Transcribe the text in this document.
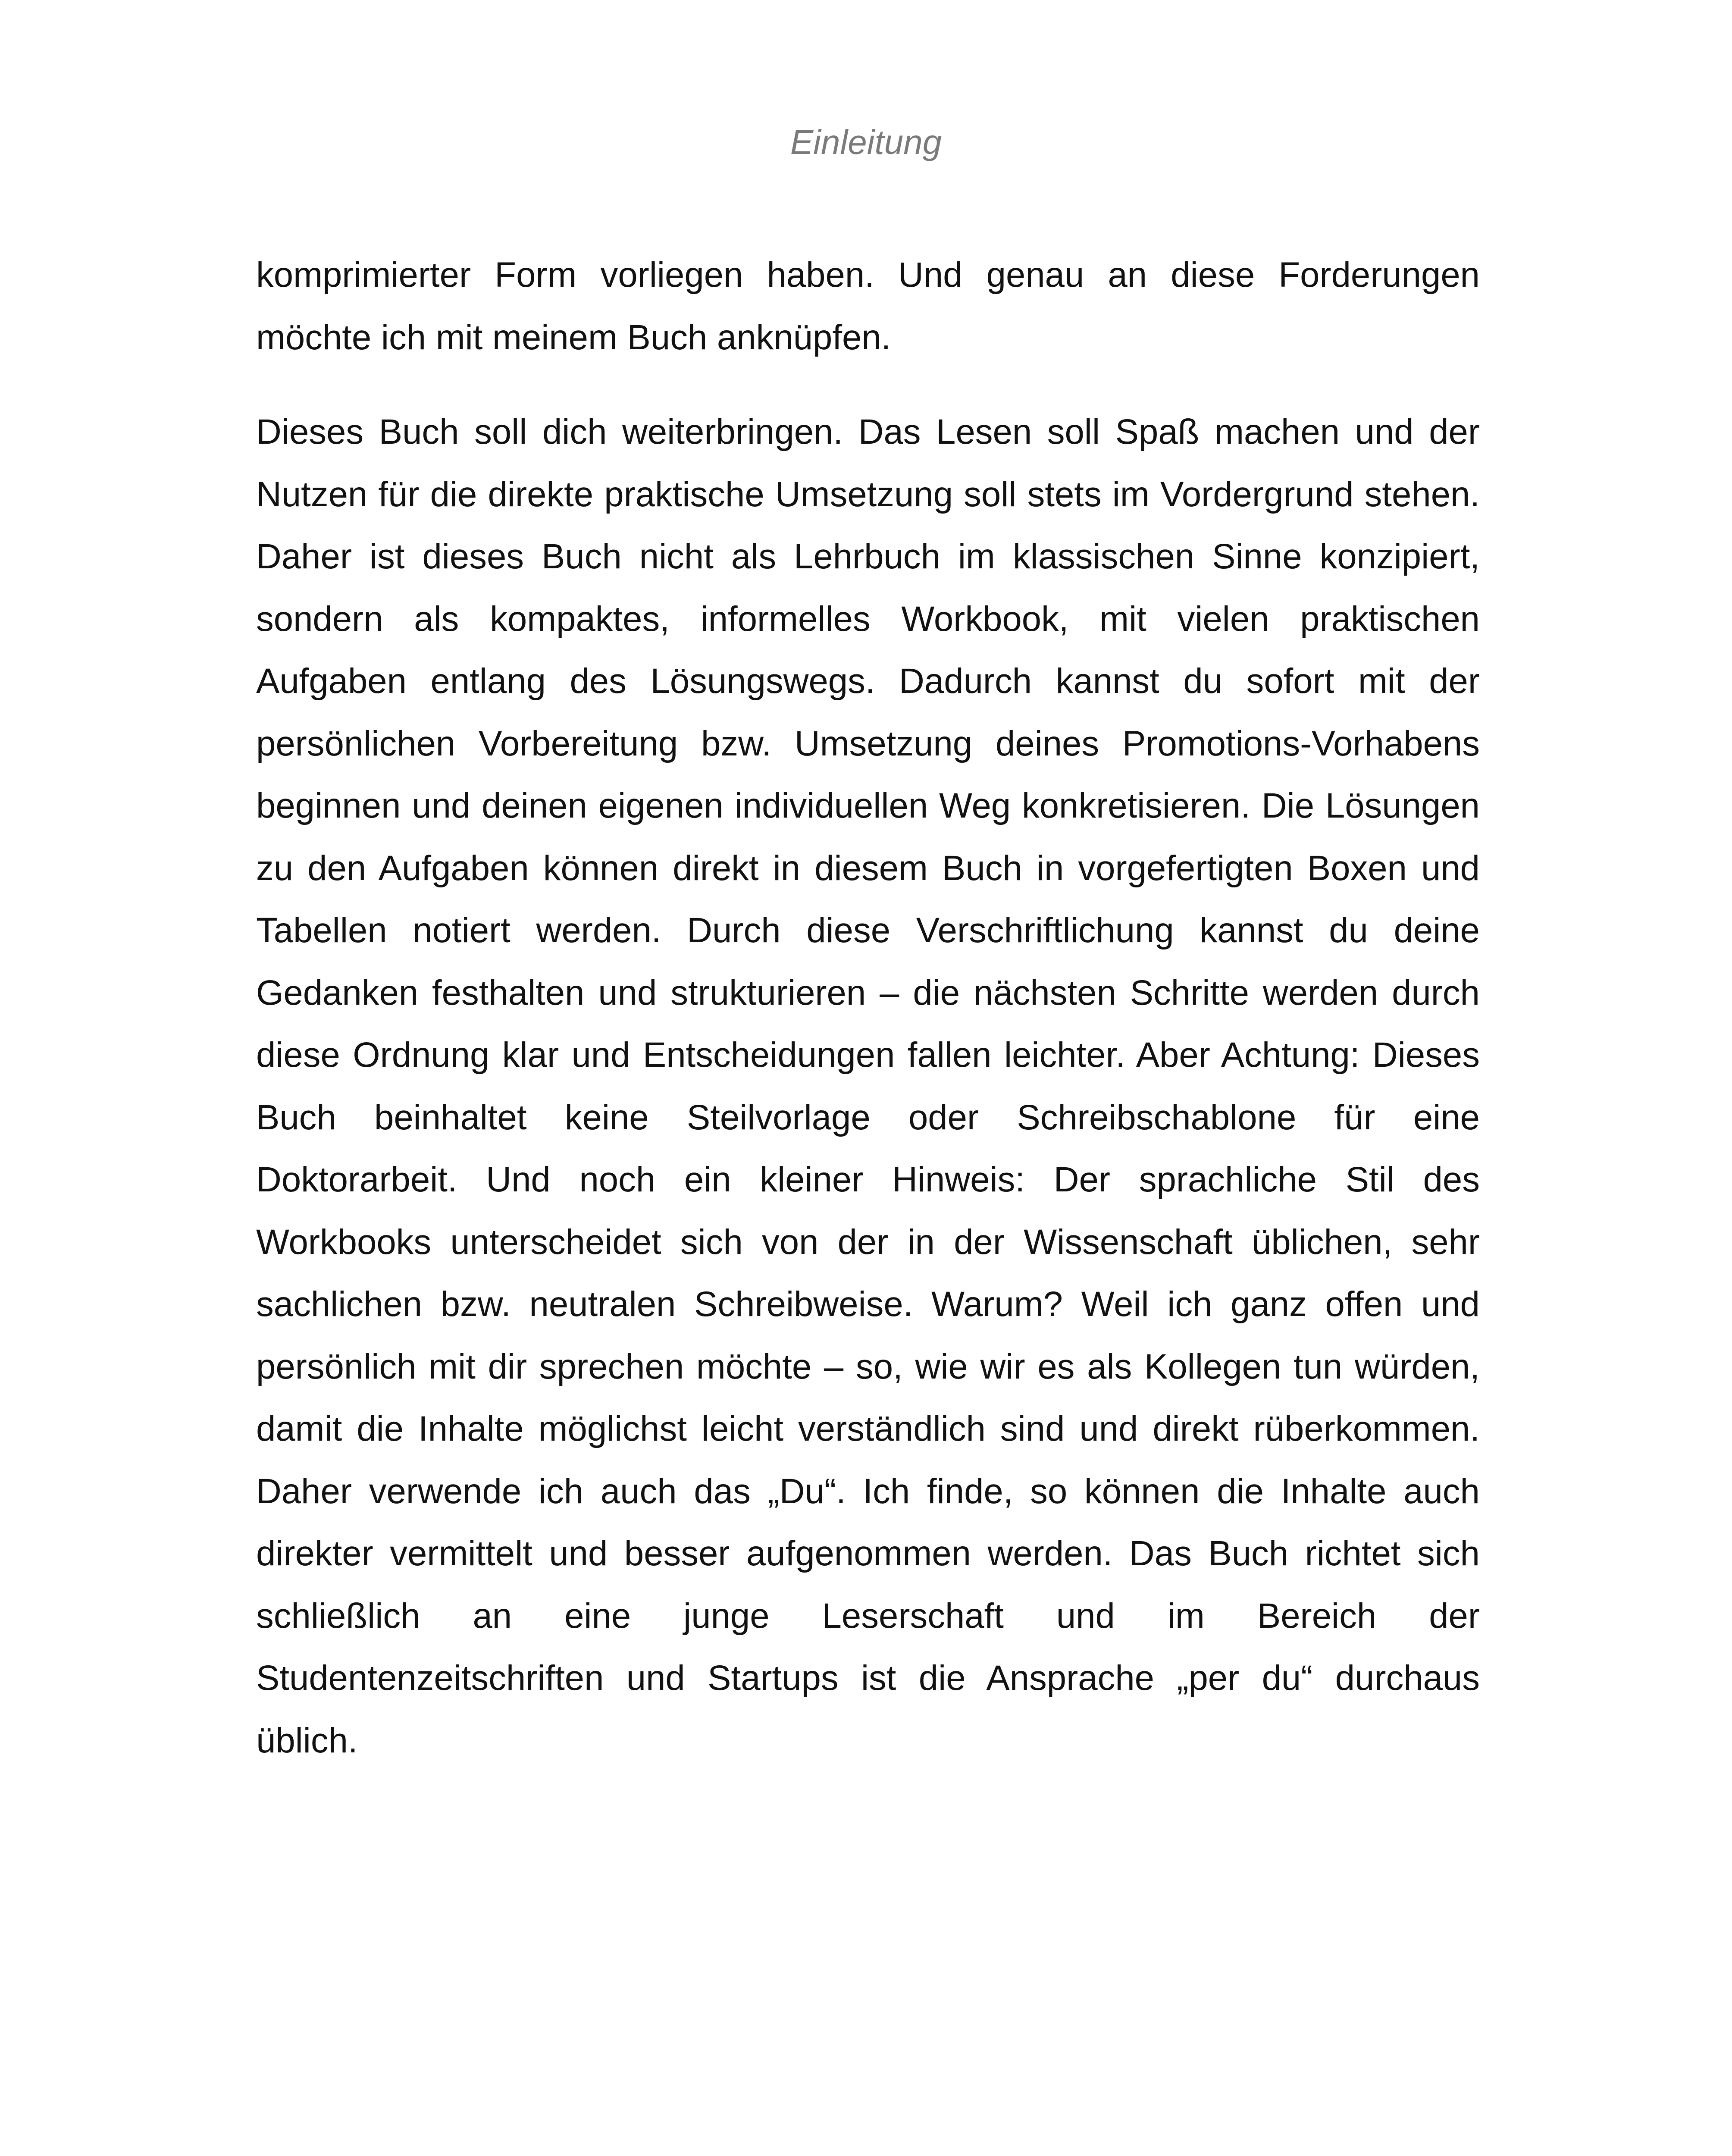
Einleitung

komprimierter Form vorliegen haben. Und genau an diese Forderungen möchte ich mit meinem Buch anknüpfen.

Dieses Buch soll dich weiterbringen. Das Lesen soll Spaß machen und der Nutzen für die direkte praktische Umsetzung soll stets im Vordergrund stehen. Daher ist dieses Buch nicht als Lehrbuch im klassischen Sinne konzipiert, sondern als kompaktes, informelles Workbook, mit vielen praktischen Aufgaben entlang des Lösungswegs. Dadurch kannst du sofort mit der persönlichen Vorbereitung bzw. Umsetzung deines Promotions-Vorhabens beginnen und deinen eigenen individuellen Weg konkretisieren. Die Lösungen zu den Aufgaben können direkt in diesem Buch in vorgefertigten Boxen und Tabellen notiert werden. Durch diese Verschriftlichung kannst du deine Gedanken festhalten und strukturieren – die nächsten Schritte werden durch diese Ordnung klar und Entscheidungen fallen leichter. Aber Achtung: Dieses Buch beinhaltet keine Steilvorlage oder Schreibschablone für eine Doktorarbeit. Und noch ein kleiner Hinweis: Der sprachliche Stil des Workbooks unterscheidet sich von der in der Wissenschaft üblichen, sehr sachlichen bzw. neutralen Schreibweise. Warum? Weil ich ganz offen und persönlich mit dir sprechen möchte – so, wie wir es als Kollegen tun würden, damit die Inhalte möglichst leicht verständlich sind und direkt rüberkommen. Daher verwende ich auch das „Du“. Ich finde, so können die Inhalte auch direkter vermittelt und besser aufgenommen werden. Das Buch richtet sich schließlich an eine junge Leserschaft und im Bereich der Studentenzeitschriften und Startups ist die Ansprache „per du“ durchaus üblich.
